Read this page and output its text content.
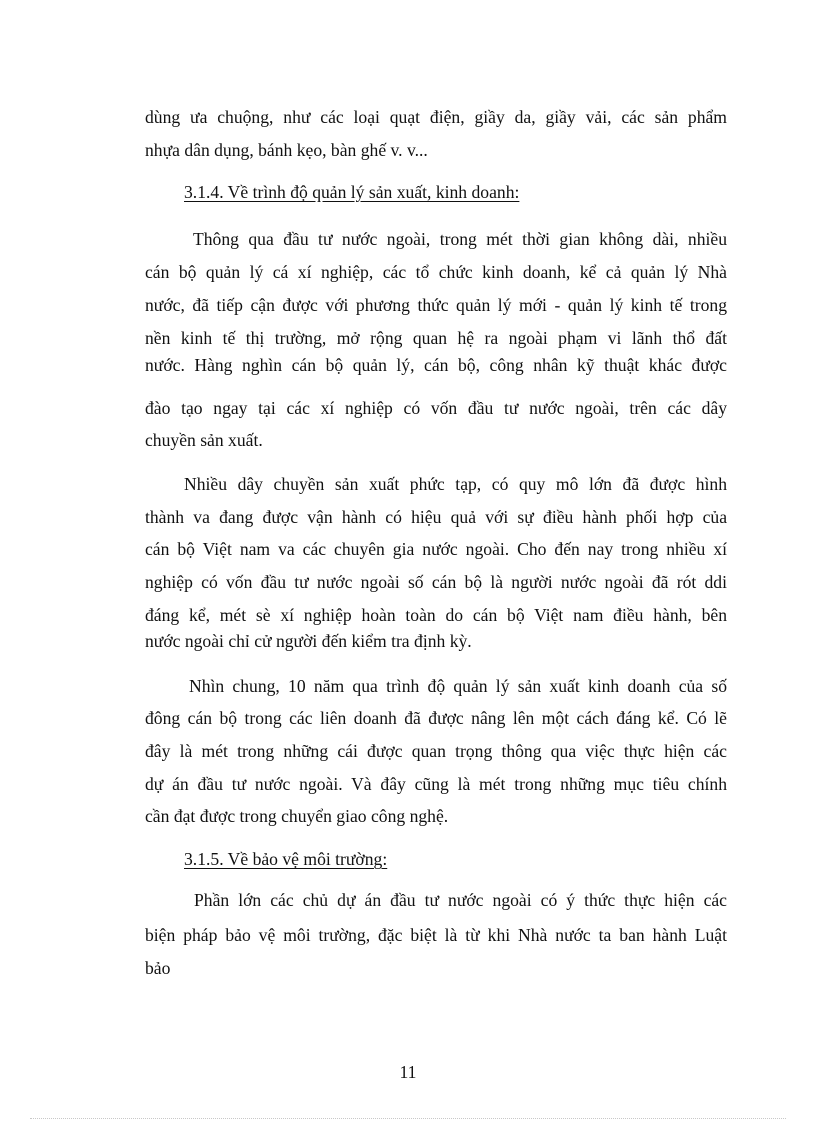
dùng ưa chuộng, như các loại quạt điện, giầy da, giầy vải, các sản phẩm
nhựa dân dụng, bánh kẹo, bàn ghế v. v...
3.1.4. Về trình độ quản lý sản xuất, kinh doanh:
Thông qua đầu tư nước ngoài, trong mét thời gian không dài, nhiều
cán bộ quản lý cá xí nghiệp, các tổ chức kinh doanh, kể cả quản lý Nhà
nước, đã tiếp cận được với phương thức quản lý mới - quản lý kinh tế trong
nền kinh tế thị trường, mở rộng quan hệ ra ngoài phạm vi lãnh thổ đất
nước. Hàng nghìn cán bộ quản lý, cán bộ, công nhân kỹ thuật khác được
đào tạo ngay tại các xí nghiệp có vốn đầu tư nước ngoài, trên các dây
chuyền sản xuất.
Nhiều dây chuyền sản xuất phức tạp, có quy mô lớn đã được hình
thành va đang được vận hành có hiệu quả với sự điều hành phối hợp của
cán bộ Việt nam va các chuyên gia nước ngoài. Cho đến nay trong nhiều xí
nghiệp có vốn đầu tư nước ngoài số cán bộ là người nước ngoài đã rót ddi
đáng kể, mét sè xí nghiệp hoàn toàn do cán bộ Việt nam điều hành, bên
nước ngoài chỉ cử người đến kiểm tra định kỳ.
Nhìn chung, 10 năm qua trình độ quản lý sản xuất kinh doanh của số
đông cán bộ trong các liên doanh đã được nâng lên một cách đáng kể. Có lẽ
đây là mét trong những cái được quan trọng thông qua việc thực hiện các
dự án đầu tư nước ngoài. Và đây cũng là mét trong những mục tiêu chính
cần đạt được trong chuyển giao công nghệ.
3.1.5. Về bảo vệ môi trường:
Phần lớn các chủ dự án đầu tư nước ngoài có ý thức thực hiện các
biện pháp bảo vệ môi trường, đặc biệt là từ khi Nhà nước ta ban hành Luật
bảo
11
